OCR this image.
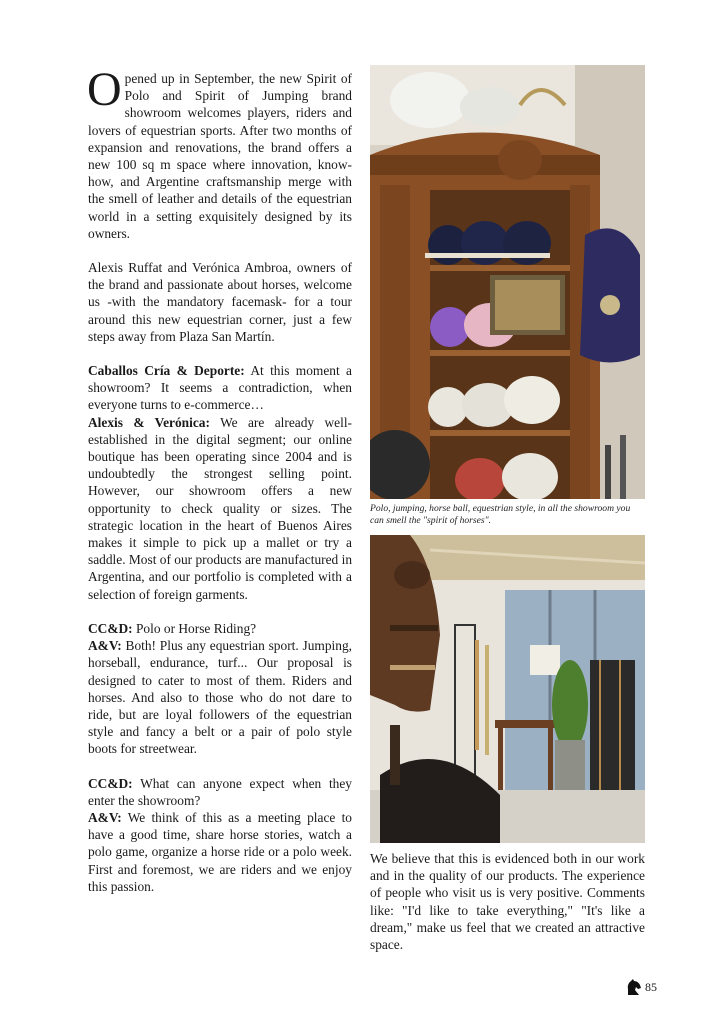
Opened up in September, the new Spirit of Polo and Spirit of Jumping brand showroom welcomes players, riders and lovers of equestrian sports. After two months of expansion and renovations, the brand offers a new 100 sq m space where innovation, know-how, and Argentine craftsmanship merge with the smell of leather and details of the equestrian world in a setting exquisitely designed by its owners.

Alexis Ruffat and Verónica Ambroa, owners of the brand and passionate about horses, welcome us -with the mandatory facemask- for a tour around this new equestrian corner, just a few steps away from Plaza San Martín.

Caballos Cría & Deporte: At this moment a showroom? It seems a contradiction, when everyone turns to e-commerce…
Alexis & Verónica: We are already well-established in the digital segment; our online boutique has been operating since 2004 and is undoubtedly the strongest selling point. However, our showroom offers a new opportunity to check quality or sizes. The strategic location in the heart of Buenos Aires makes it simple to pick up a mallet or try a saddle. Most of our products are manufactured in Argentina, and our portfolio is completed with a selection of foreign garments.

CC&D: Polo or Horse Riding?
A&V: Both! Plus any equestrian sport. Jumping, horseball, endurance, turf... Our proposal is designed to cater to most of them. Riders and horses. And also to those who do not dare to ride, but are loyal followers of the equestrian style and fancy a belt or a pair of polo style boots for streetwear.

CC&D: What can anyone expect when they enter the showroom?
A&V: We think of this as a meeting place to have a good time, share horse stories, watch a polo game, organize a horse ride or a polo week. First and foremost, we are riders and we enjoy this passion.

Polo, jumping, horse ball, equestrian style, in all the showroom you can smell the "spirit of horses".

We believe that this is evidenced both in our work and in the quality of our products. The experience of people who visit us is very positive. Comments like: "I'd like to take everything," "It's like a dream," make us feel that we created an attractive space.

85
